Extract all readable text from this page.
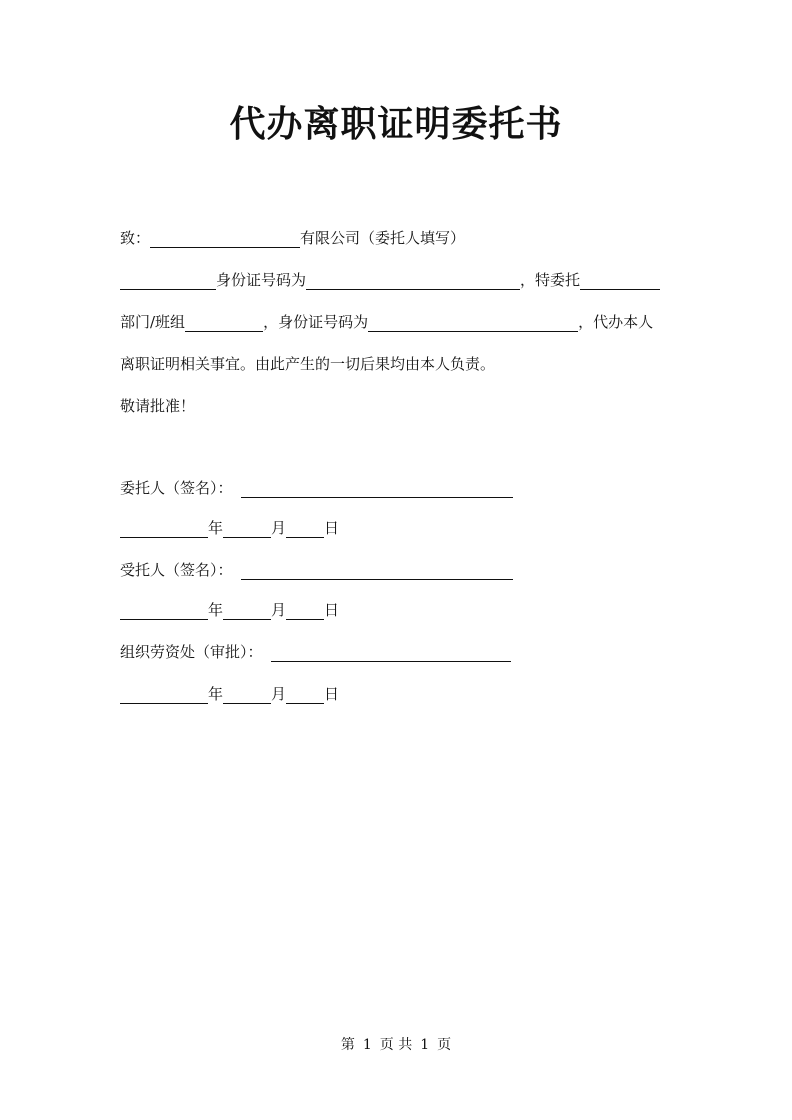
代办离职证明委托书
致：	有限公司（委托人填写）
身份证号码为	，特委托
部门/班组	，身份证号码为	，代办本人
离职证明相关事宜。由此产生的一切后果均由本人负责。
敬请批准！
委托人（签名）：
年	月	日
受托人（签名）：
年	月	日
组织劳资处（审批）：
年	月	日
第 1 页 共 1 页
